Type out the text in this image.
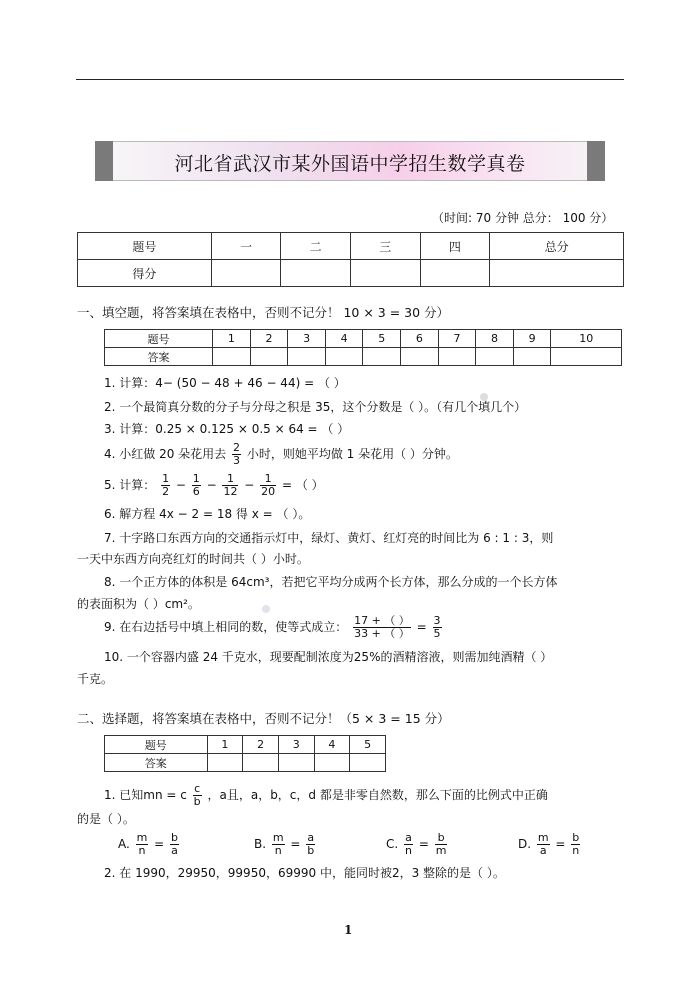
河北省武汉市某外国语中学招生数学真卷
（时间: 70 分钟 总分： 100 分）
题号	一	二	三	四	总分
得分					
一、填空题，将答案填在表格中，否则不记分！ 10 × 3 = 30 分）
题号	1	2	3	4	5	6	7	8	9	10
答案										
1. 计算：4− (50 − 48 + 46 − 44) = （ ）
2. 一个最简真分数的分子与分母之积是 35，这个分数是（ ）。（有几个填几个）
3. 计算：0.25 × 0.125 × 0.5 × 64 = （ ）
4. 小红做 20 朵花用去 $\frac{2}{3}$ 小时，则她平均做 1 朵花用（ ）分钟。
5. 计算： $\frac{1}{2} - \frac{1}{6} - \frac{1}{12} - \frac{1}{20}$ = （ ）
6. 解方程 4x − 2 = 18 得 x = （ ）。
7. 十字路口东西方向的交通指示灯中，绿灯、黄灯、红灯亮的时间比为 6 : 1 : 3，则
一天中东西方向亮红灯的时间共（ ）小时。
8. 一个正方体的体积是 64cm³，若把它平均分成两个长方体，那么分成的一个长方体
的表面积为（ ）cm²。
9. 在右边括号中填上相同的数，使等式成立： $\frac{17 + ( )}{33 + ( )} = \frac{3}{5}$
10. 一个容器内盛 24 千克水，现要配制浓度为25%的酒精溶液，则需加纯酒精（ ）
千克。
二、选择题，将答案填在表格中，否则不记分！（5 × 3 = 15 分）
题号	1	2	3	4	5
答案					
1. 已知mn = c $\frac{c}{b}$ ，a且，a，b，c，d 都是非零自然数，那么下面的比例式中正确
的是（ ）。
A. $\frac{m}{n} = \frac{b}{a}$	B. $\frac{m}{n} = \frac{a}{b}$	C. $\frac{a}{n} = \frac{b}{m}$	D. $\frac{m}{a} = \frac{b}{n}$
2. 在 1990，29950，99950，69990 中，能同时被2，3 整除的是（ ）。
1
